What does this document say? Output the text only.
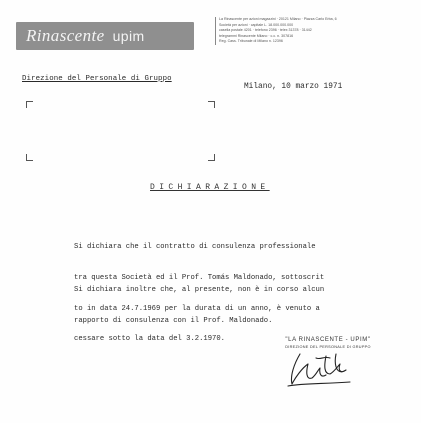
Rinascente upim
La Rinascente per azioni magazzini · 20121 Milano · Piazza Carlo Erba, 6
Società per azioni · capitale L. 18.000.000.000
casella postale 4201 · telefono 2396 · telex 31378 · 31442
telegrammi Rinascente Milano · c.c. n. 307816
Reg. Cass. Tribunale di Milano n. 12396
Direzione del Personale di Gruppo
Milano, 10 marzo 1971
DICHIARAZIONE

Si dichiara che il contratto di consulenza professionale

tra questa Società ed il Prof. Tomás Maldonado, sottoscrit

to in data 24.7.1969 per la durata di un anno, è venuto a

cessare sotto la data del 3.2.1970.

Si dichiara inoltre che, al presente, non è in corso alcun

rapporto di consulenza con il Prof. Maldonado.

"LA RINASCENTE - UPIM"
DIREZIONE DEL PERSONALE DI GRUPPO
